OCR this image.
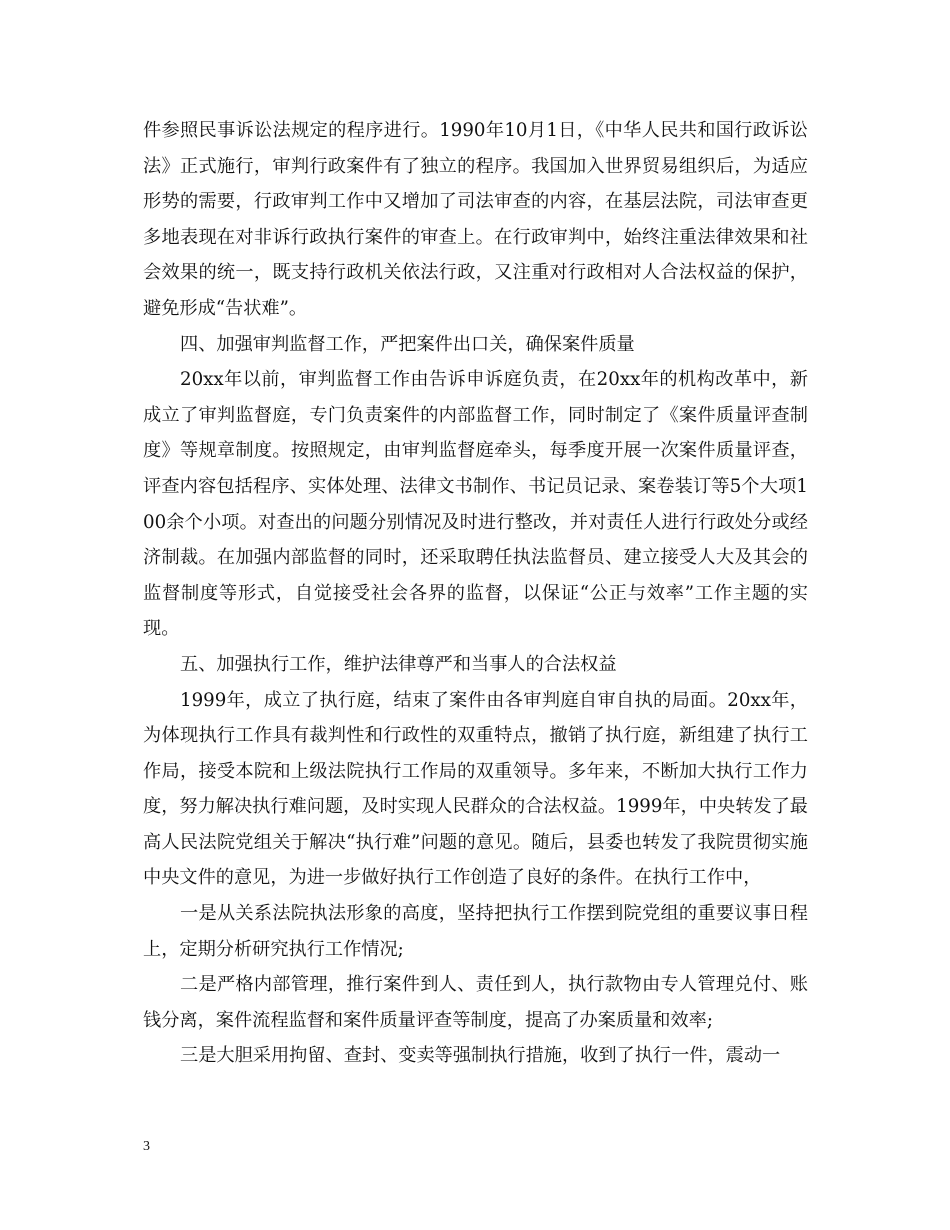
件参照民事诉讼法规定的程序进行。1990年10月1日，《中华人民共和国行政诉讼法》正式施行，审判行政案件有了独立的程序。我国加入世界贸易组织后，为适应形势的需要，行政审判工作中又增加了司法审查的内容，在基层法院，司法审查更多地表现在对非诉行政执行案件的审查上。在行政审判中，始终注重法律效果和社会效果的统一，既支持行政机关依法行政，又注重对行政相对人合法权益的保护，避免形成“告状难”。

四、加强审判监督工作，严把案件出口关，确保案件质量

20xx年以前，审判监督工作由告诉申诉庭负责，在20xx年的机构改革中，新成立了审判监督庭，专门负责案件的内部监督工作，同时制定了《案件质量评查制度》等规章制度。按照规定，由审判监督庭牵头，每季度开展一次案件质量评查，评查内容包括程序、实体处理、法律文书制作、书记员记录、案卷装订等5个大项100余个小项。对查出的问题分别情况及时进行整改，并对责任人进行行政处分或经济制裁。在加强内部监督的同时，还采取聘任执法监督员、建立接受人大及其会的监督制度等形式，自觉接受社会各界的监督，以保证“公正与效率”工作主题的实现。

五、加强执行工作，维护法律尊严和当事人的合法权益

1999年，成立了执行庭，结束了案件由各审判庭自审自执的局面。20xx年，为体现执行工作具有裁判性和行政性的双重特点，撤销了执行庭，新组建了执行工作局，接受本院和上级法院执行工作局的双重领导。多年来，不断加大执行工作力度，努力解决执行难问题，及时实现人民群众的合法权益。1999年，中央转发了最高人民法院党组关于解决“执行难”问题的意见。随后，县委也转发了我院贯彻实施中央文件的意见，为进一步做好执行工作创造了良好的条件。在执行工作中，

一是从关系法院执法形象的高度，坚持把执行工作摆到院党组的重要议事日程上，定期分析研究执行工作情况;

二是严格内部管理，推行案件到人、责任到人，执行款物由专人管理兑付、账钱分离，案件流程监督和案件质量评查等制度，提高了办案质量和效率;

三是大胆采用拘留、查封、变卖等强制执行措施，收到了执行一件，震动一

3
